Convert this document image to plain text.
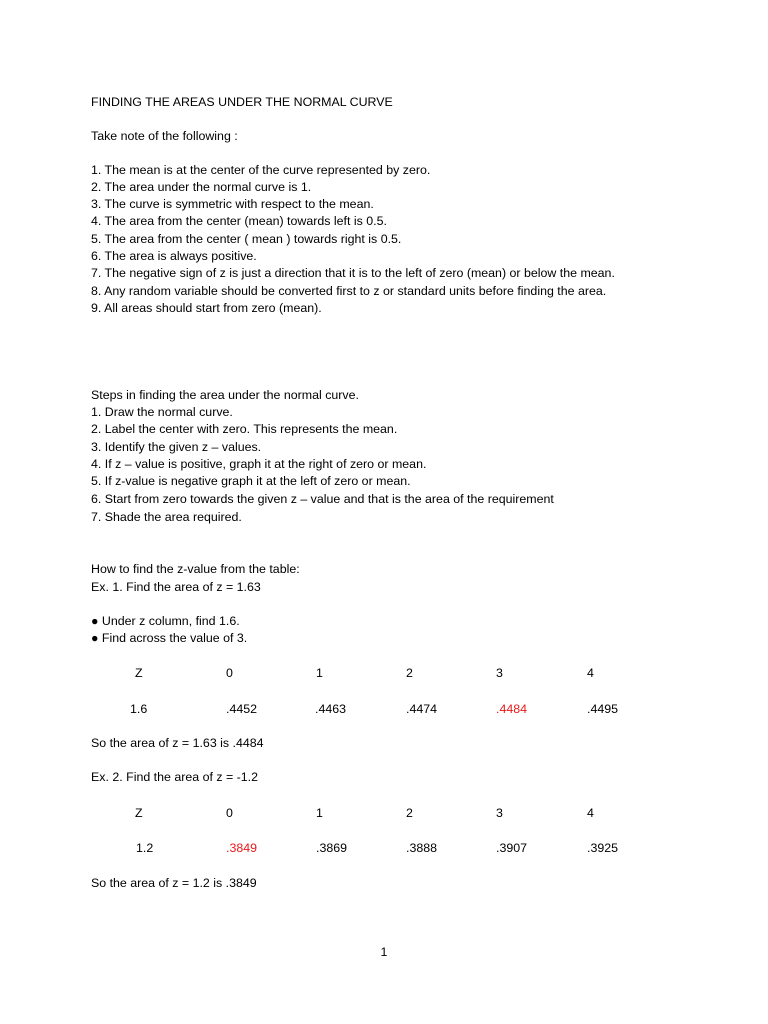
FINDING THE AREAS UNDER THE NORMAL CURVE
Take note of the following :
1. The mean is at the center of the curve represented by zero.
2. The area under the normal curve is 1.
3. The curve is symmetric with respect to the mean.
4. The area from the center (mean) towards left is 0.5.
5. The area from the center ( mean ) towards right is 0.5.
6. The area is always positive.
7. The negative sign of z is just a direction that it is to the left of zero (mean) or below the mean.
8. Any random variable should be converted first to z or standard units before finding the area.
9. All areas should start from zero (mean).
Steps in finding the area under the normal curve.
1. Draw the normal curve.
2. Label the center with zero. This represents the mean.
3. Identify the given z – values.
4. If z – value is positive, graph it at the right of zero or mean.
5. If z-value is negative graph it at the left of zero or mean.
6. Start from zero towards the given z – value and that is the area of the requirement
7. Shade the area required.
How to find the z-value from the table:
Ex. 1. Find the area of z = 1.63
● Under z column, find 1.6.
● Find across the value of 3.
Z	0	1	2	3	4
1.6	.4452	.4463	.4474	.4484	.4495
So the area of z = 1.63 is .4484
Ex. 2. Find the area of z = -1.2
Z	0	1	2	3	4
1.2	.3849	.3869	.3888	.3907	.3925
So the area of z = 1.2 is .3849
1
